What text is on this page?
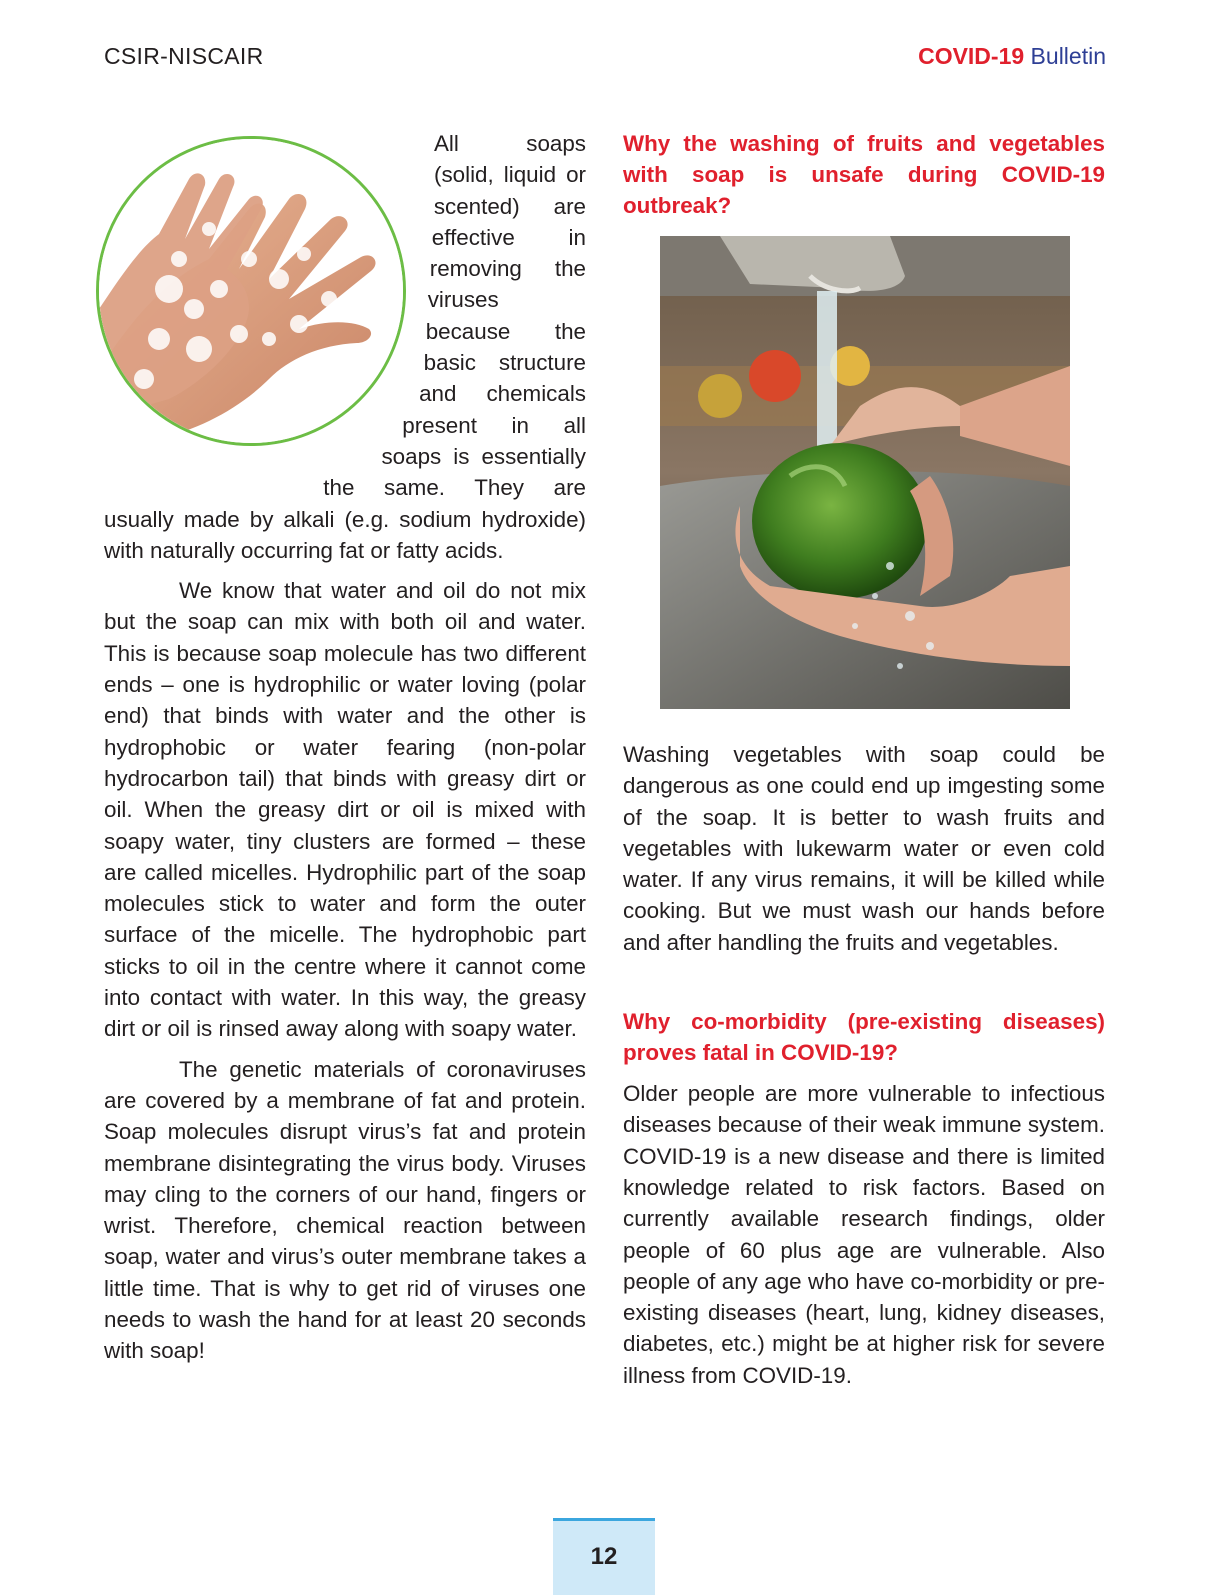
CSIR-NISCAIR	COVID-19 Bulletin

All soaps (solid, liquid or scented) are effective in removing the viruses because the basic structure and chemicals present in all soaps is essentially the same. They are usually made by alkali (e.g. sodium hydroxide) with naturally occurring fat or fatty acids.

We know that water and oil do not mix but the soap can mix with both oil and water. This is because soap molecule has two different ends – one is hydrophilic or water loving (polar end) that binds with water and the other is hydrophobic or water fearing (non-polar hydrocarbon tail) that binds with greasy dirt or oil. When the greasy dirt or oil is mixed with soapy water, tiny clusters are formed – these are called micelles. Hydrophilic part of the soap molecules stick to water and form the outer surface of the micelle. The hydrophobic part sticks to oil in the centre where it cannot come into contact with water. In this way, the greasy dirt or oil is rinsed away along with soapy water.

The genetic materials of coronaviruses are covered by a membrane of fat and protein. Soap molecules disrupt virus’s fat and protein membrane disintegrating the virus body. Viruses may cling to the corners of our hand, fingers or wrist. Therefore, chemical reaction between soap, water and virus’s outer membrane takes a little time. That is why to get rid of viruses one needs to wash the hand for at least 20 seconds with soap!

Why the washing of fruits and vegetables with soap is unsafe during COVID-19 outbreak?

Washing vegetables with soap could be dangerous as one could end up imgesting some of the soap. It is better to wash fruits and vegetables with lukewarm water or even cold water. If any virus remains, it will be killed while cooking. But we must wash our hands before and after handling the fruits and vegetables.

Why co-morbidity (pre-existing diseases) proves fatal in COVID-19?

Older people are more vulnerable to infectious diseases because of their weak immune system. COVID-19 is a new disease and there is limited knowledge related to risk factors. Based on currently available research findings, older people of 60 plus age are vulnerable. Also people of any age who have co-morbidity or pre-existing diseases (heart, lung, kidney diseases, diabetes, etc.) might be at higher risk for severe illness from COVID-19.

12
